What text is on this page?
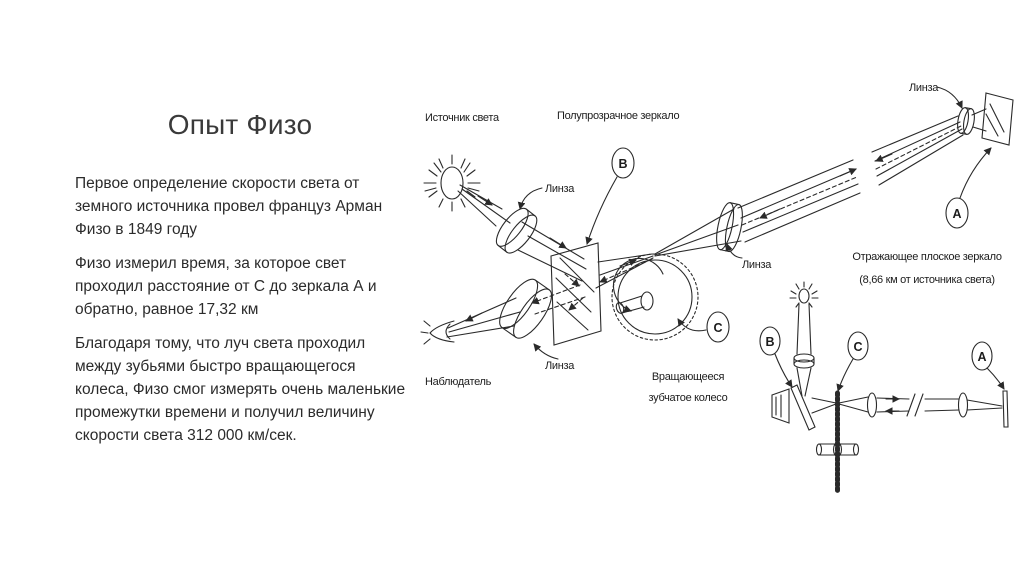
Опыт Физо

Первое определение скорости света от земного источника провел француз Арман Физо в 1849 году

Физо измерил время, за которое свет проходил расстояние от С до зеркала А и обратно, равное 17,32 км

Благодаря тому, что луч света проходил между зубьями быстро вращающегося колеса, Физо смог измерять очень маленькие промежутки времени и получил величину скорости света 312 000 км/сек.

Источник света	Полупрозрачное зеркало
Линза
Линза
Линза
Линза
Наблюдатель	Вращающееся
зубчатое колесо
Отражающее плоское зеркало
(8,66 км от источника света)
В
С
А
В	С
А
